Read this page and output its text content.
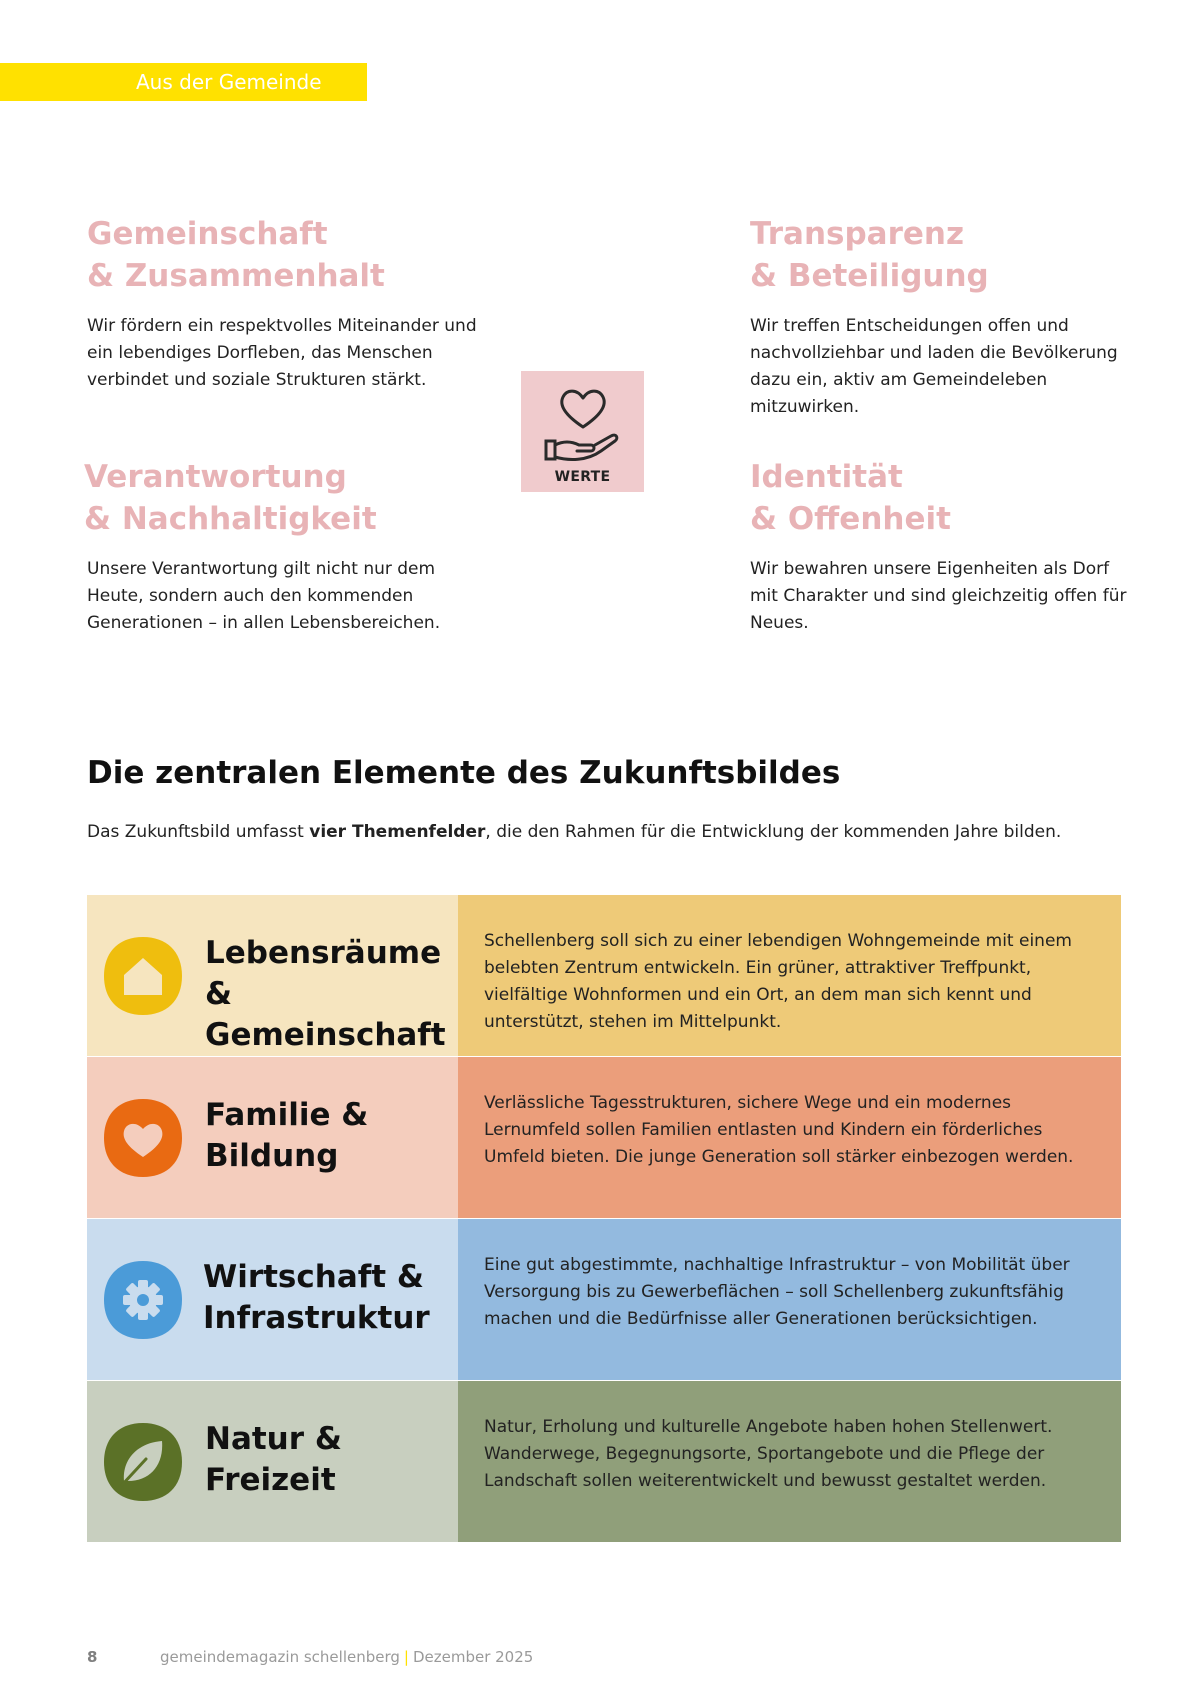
Aus der Gemeinde
Gemeinschaft
& Zusammenhalt
Wir fördern ein respektvolles Miteinander und ein lebendiges Dorfleben, das Menschen verbindet und soziale Strukturen stärkt.
Transparenz
& Beteiligung
Wir treffen Entscheidungen offen und nachvollziehbar und laden die Bevölkerung dazu ein, aktiv am Gemeindeleben mitzuwirken.
Verantwortung
& Nachhaltigkeit
Unsere Verantwortung gilt nicht nur dem Heute, sondern auch den kommenden Generationen – in allen Lebensbereichen.
Identität
& Offenheit
Wir bewahren unsere Eigenheiten als Dorf mit Charakter und sind gleichzeitig offen für Neues.
WERTE
Die zentralen Elemente des Zukunftsbildes
Das Zukunftsbild umfasst vier Themenfelder, die den Rahmen für die Entwicklung der kommenden Jahre bilden.
Lebensräume &
Gemeinschaft
Schellenberg soll sich zu einer lebendigen Wohngemeinde mit einem belebten Zentrum entwickeln. Ein grüner, attraktiver Treffpunkt, vielfältige Wohnformen und ein Ort, an dem man sich kennt und unterstützt, stehen im Mittelpunkt.
Familie &
Bildung
Verlässliche Tagesstrukturen, sichere Wege und ein modernes Lernumfeld sollen Familien entlasten und Kindern ein förderliches Umfeld bieten. Die junge Generation soll stärker einbezogen werden.
Wirtschaft &
Infrastruktur
Eine gut abgestimmte, nachhaltige Infrastruktur – von Mobilität über Versorgung bis zu Gewerbeflächen – soll Schellenberg zukunftsfähig machen und die Bedürfnisse aller Generationen berücksichtigen.
Natur &
Freizeit
Natur, Erholung und kulturelle Angebote haben hohen Stellenwert. Wanderwege, Begegnungsorte, Sportangebote und die Pflege der Landschaft sollen weiterentwickelt und bewusst gestaltet werden.
8	gemeindemagazin schellenberg | Dezember 2025
